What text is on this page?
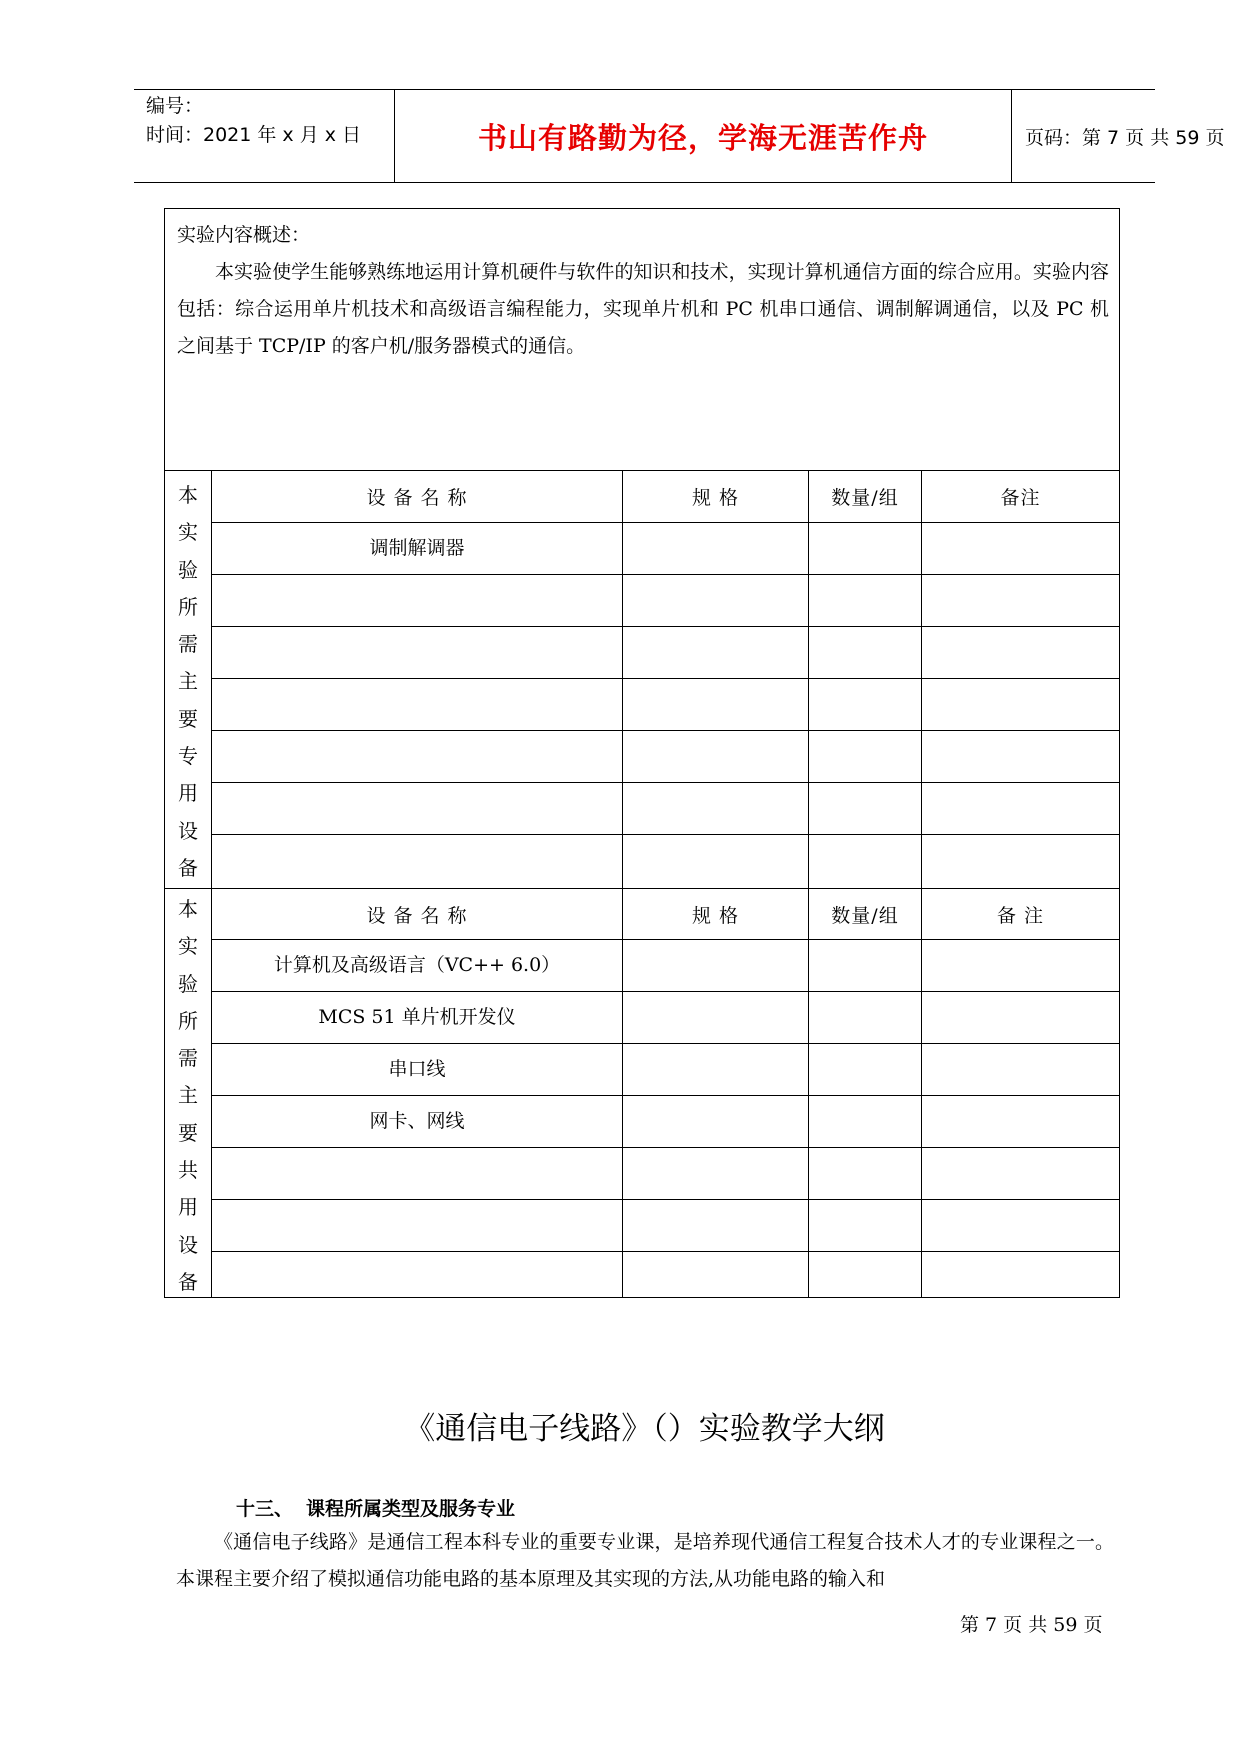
编号：
时间：2021 年 x 月 x 日	书山有路勤为径，学海无涯苦作舟	页码：第 7 页 共 59 页

实验内容概述：

本实验使学生能够熟练地运用计算机硬件与软件的知识和技术，实现计算机通信方面的综合应用。实验内容包括：综合运用单片机技术和高级语言编程能力，实现单片机和 PC 机串口通信、调制解调通信，以及 PC 机之间基于 TCP/IP 的客户机/服务器模式的通信。

本
实
验
所
需
主
要
专
用
设
备
设 备 名 称	规 格	数量/组	备注
调制解调器
本
实
验
所
需
主
要
共
用
设
备
设 备 名 称	规 格	数量/组	备 注
计算机及高级语言（VC++ 6.0）
MCS 51 单片机开发仪
串口线
网卡、网线
《通信电子线路》（）实验教学大纲
十三、 课程所属类型及服务专业
《通信电子线路》是通信工程本科专业的重要专业课，是培养现代通信工程复合技术人才的专业课程之一。本课程主要介绍了模拟通信功能电路的基本原理及其实现的方法,从功能电路的输入和
第 7 页 共 59 页
